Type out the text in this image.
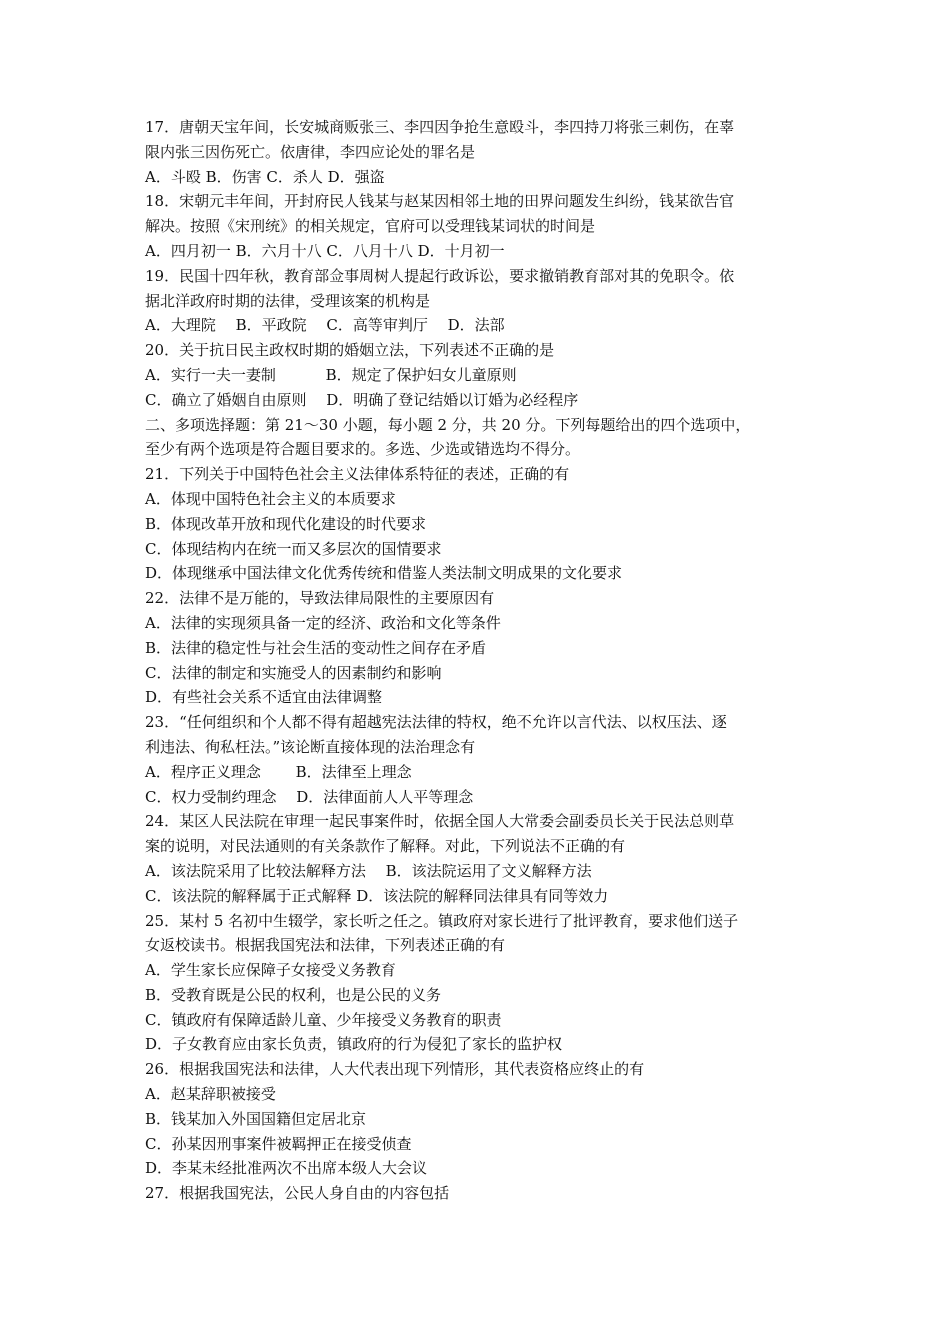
17．唐朝天宝年间，长安城商贩张三、李四因争抢生意殴斗，李四持刀将张三刺伤，在辜
限内张三因伤死亡。依唐律，李四应论处的罪名是
A．斗殴 B．伤害 C．杀人 D．强盗
18．宋朝元丰年间，开封府民人钱某与赵某因相邻土地的田界问题发生纠纷，钱某欲告官
解决。按照《宋刑统》的相关规定，官府可以受理钱某词状的时间是
A．四月初一 B．六月十八 C．八月十八 D．十月初一
19．民国十四年秋，教育部佥事周树人提起行政诉讼，要求撤销教育部对其的免职令。依
据北洋政府时期的法律，受理该案的机构是
A．大理院　 B．平政院　 C．高等审判厅　 D．法部
20．关于抗日民主政权时期的婚姻立法，下列表述不正确的是
A．实行一夫一妻制　　　 B．规定了保护妇女儿童原则
C．确立了婚姻自由原则　 D．明确了登记结婚以订婚为必经程序
二、多项选择题：第 21～30 小题，每小题 2 分，共 20 分。下列每题给出的四个选项中，
至少有两个选项是符合题目要求的。多选、少选或错选均不得分。
21．下列关于中国特色社会主义法律体系特征的表述，正确的有
A．体现中国特色社会主义的本质要求
B．体现改革开放和现代化建设的时代要求
C．体现结构内在统一而又多层次的国情要求
D．体现继承中国法律文化优秀传统和借鉴人类法制文明成果的文化要求
22．法律不是万能的，导致法律局限性的主要原因有
A．法律的实现须具备一定的经济、政治和文化等条件
B．法律的稳定性与社会生活的变动性之间存在矛盾
C．法律的制定和实施受人的因素制约和影响
D．有些社会关系不适宜由法律调整
23．“任何组织和个人都不得有超越宪法法律的特权，绝不允许以言代法、以权压法、逐
利违法、徇私枉法。”该论断直接体现的法治理念有
A．程序正义理念　　 B．法律至上理念
C．权力受制约理念　 D．法律面前人人平等理念
24．某区人民法院在审理一起民事案件时，依据全国人大常委会副委员长关于民法总则草
案的说明，对民法通则的有关条款作了解释。对此，下列说法不正确的有
A．该法院采用了比较法解释方法　 B．该法院运用了文义解释方法
C．该法院的解释属于正式解释 D．该法院的解释同法律具有同等效力
25．某村 5 名初中生辍学，家长听之任之。镇政府对家长进行了批评教育，要求他们送子
女返校读书。根据我国宪法和法律，下列表述正确的有
A．学生家长应保障子女接受义务教育
B．受教育既是公民的权利，也是公民的义务
C．镇政府有保障适龄儿童、少年接受义务教育的职责
D．子女教育应由家长负责，镇政府的行为侵犯了家长的监护权
26．根据我国宪法和法律，人大代表出现下列情形，其代表资格应终止的有
A．赵某辞职被接受
B．钱某加入外国国籍但定居北京
C．孙某因刑事案件被羁押正在接受侦查
D．李某未经批准两次不出席本级人大会议
27．根据我国宪法，公民人身自由的内容包括
